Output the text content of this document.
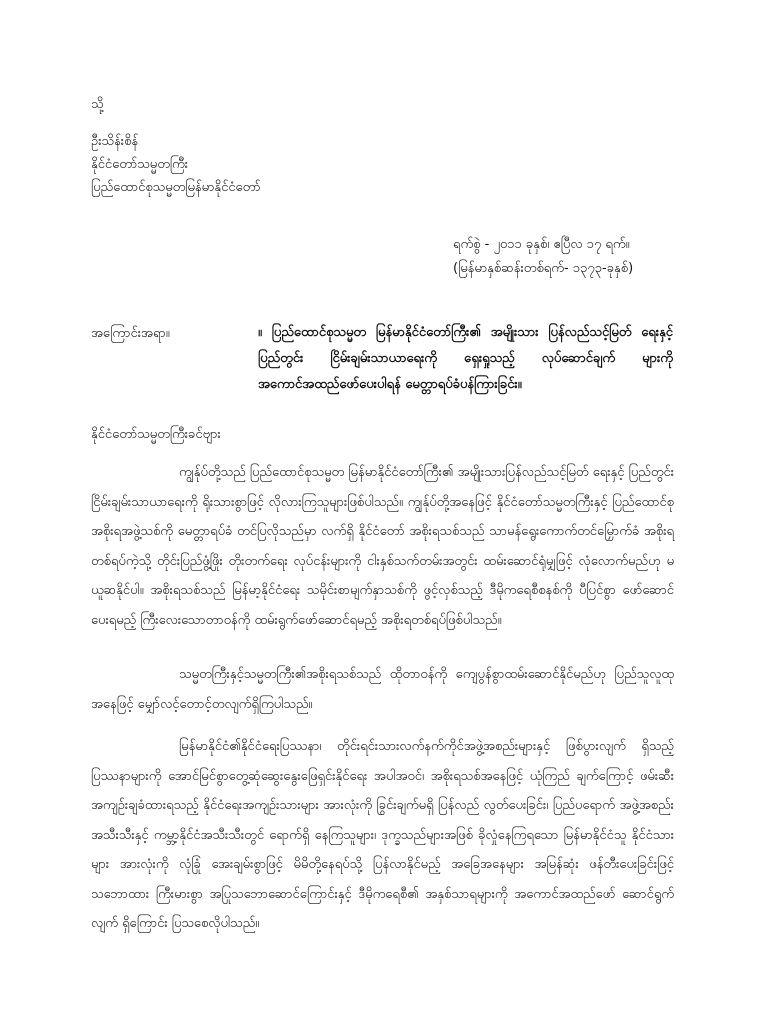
သို့
ဦးသိန်းစိန်
နိုင်ငံတော်သမ္မတကြီး
ပြည်ထောင်စုသမ္မတမြန်မာနိုင်ငံတော်
ရက်စွဲ - ၂၀၁၁ ခုနှစ်၊ ဧပြီလ ၁၇ ရက်။
(မြန်မာနှစ်ဆန်းတစ်ရက်- ၁၃၇၃-ခုနှစ်)
အကြောင်းအရာ။	။ ပြည်ထောင်စုသမ္မတ မြန်မာနိုင်ငံတော်ကြီး၏ အမျိုးသား ပြန်လည်သင့်မြတ် ရေးနှင့် ပြည်တွင်း ငြိမ်းချမ်းသာယာရေးကို ရှေးရှုသည့် လုပ်ဆောင်ချက် များကို အကောင်အထည်ဖော်ပေးပါရန် မေတ္တာရပ်ခံပန်ကြားခြင်း။
နိုင်ငံတော်သမ္မတကြီးခင်ဗျား
ကျွန်ုပ်တို့သည် ပြည်ထောင်စုသမ္မတ မြန်မာနိုင်ငံတော်ကြီး၏ အမျိုးသားပြန်လည်သင့်မြတ် ရေးနှင့် ပြည်တွင်းငြိမ်းချမ်းသာယာရေးကို ရိုးသားစွာဖြင့် လိုလားကြသူများဖြစ်ပါသည်။ ကျွန်ုပ်တို့အနေဖြင့် နိုင်ငံတော်သမ္မတကြီးနှင့် ပြည်ထောင်စု အစိုးရအဖွဲ့သစ်ကို မေတ္တာရပ်ခံ တင်ပြလိုသည်မှာ လက်ရှိ နိုင်ငံတော် အစိုးရသစ်သည် သာမန်ရွေးကောက်တင်မြှောက်ခံ အစိုးရတစ်ရပ်ကဲ့သို့ တိုင်းပြည်ဖွံ့ဖြိုး တိုးတက်ရေး လုပ်ငန်းများကို ငါးနှစ်သက်တမ်းအတွင်း ထမ်းဆောင်ရုံမျှဖြင့် လုံလောက်မည်ဟု မယူဆနိုင်ပါ။ အစိုးရသစ်သည် မြန်မာ့နိုင်ငံရေး သမိုင်းစာမျက်နှာသစ်ကို ဖွင့်လှစ်သည့် ဒီမိုကရေစီစနစ်ကို ပီပြင်စွာ ဖော်ဆောင်ပေးရမည့် ကြီးလေးသောတာဝန်ကို ထမ်းရွက်ဖော်ဆောင်ရမည့် အစိုးရတစ်ရပ်ဖြစ်ပါသည်။
သမ္မတကြီးနှင့်သမ္မတကြီး၏အစိုးရသစ်သည် ထိုတာဝန်ကို ကျေပွန်စွာထမ်းဆောင်နိုင်မည်ဟု ပြည်သူလူထုအနေဖြင့် မျှော်လင့်တောင့်တလျက်ရှိကြပါသည်။
မြန်မာနိုင်ငံ၏နိုင်ငံရေးပြဿနာ၊ တိုင်းရင်းသားလက်နက်ကိုင်အဖွဲ့အစည်းများနှင့် ဖြစ်ပွားလျက် ရှိသည့်ပြဿနာများကို အောင်မြင်စွာတွေ့ဆုံဆွေးနွေးဖြေရှင်းနိုင်ရေး အပါအဝင်၊ အစိုးရသစ်အနေဖြင့် ယုံကြည် ချက်ကြောင့် ဖမ်းဆီးအကျဉ်းချခံထားရသည့် နိုင်ငံရေးအကျဉ်းသားများ အားလုံးကို ခြွင်းချက်မရှိ ပြန်လည် လွတ်ပေးခြင်း၊ ပြည်ပရောက် အဖွဲ့အစည်း အသီးသီးနှင့် ကမ္ဘာ့နိုင်ငံအသီးသီးတွင် ရောက်ရှိ နေကြသူများ၊ ဒုက္ခသည်များအဖြစ် ခိုလှုံနေကြရသော မြန်မာနိုင်ငံသူ နိုင်ငံသားများ အားလုံးကို လုံခြုံ အေးချမ်းစွာဖြင့် မိမိတို့နေရပ်သို့ ပြန်လာနိုင်မည့် အခြေအနေများ အမြန်ဆုံး ဖန်တီးပေးခြင်းဖြင့် သဘောထား ကြီးမားစွာ အပြုသဘောဆောင်ကြောင်းနှင့် ဒီမိုကရေစီ၏ အနှစ်သာရများကို အကောင်အထည်ဖော် ဆောင်ရွက်လျက် ရှိကြောင်း ပြသစေလိုပါသည်။
